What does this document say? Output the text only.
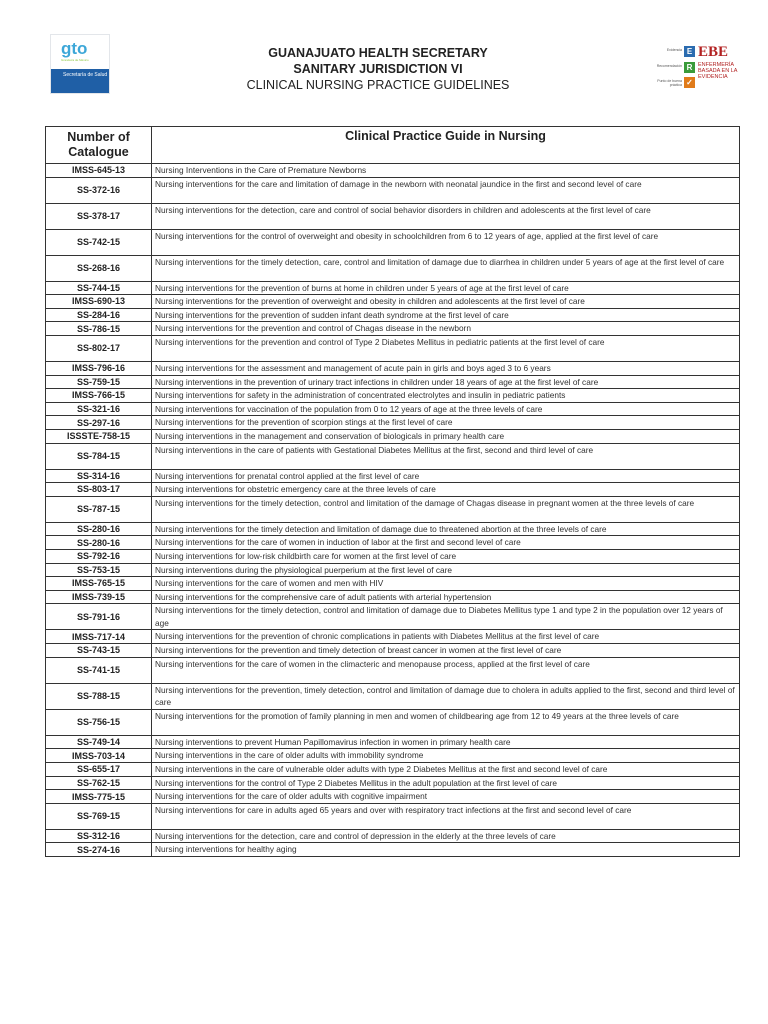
gto
Grandeza de México
Secretaría de Salud
GUANAJUATO HEALTH SECRETARY
SANITARY JURISDICTION VI
CLINICAL NURSING PRACTICE GUIDELINES
Evidencia
Recomendación
Punto de buena práctica
E
R
✓
EBE
ENFERMERÍA BASADA EN LA EVIDENCIA
Number of Catalogue	Clinical Practice Guide in Nursing
IMSS-645-13	Nursing Interventions in the Care of Premature Newborns
SS-372-16	Nursing interventions for the care and limitation of damage in the newborn with neonatal jaundice in the first and second level of care
SS-378-17	Nursing interventions for the detection, care and control of social behavior disorders in children and adolescents at the first level of care
SS-742-15	Nursing interventions for the control of overweight and obesity in schoolchildren from 6 to 12 years of age, applied at the first level of care
SS-268-16	Nursing interventions for the timely detection, care, control and limitation of damage due to diarrhea in children under 5 years of age at the first level of care
SS-744-15	Nursing interventions for the prevention of burns at home in children under 5 years of age at the first level of care
IMSS-690-13	Nursing interventions for the prevention of overweight and obesity in children and adolescents at the first level of care
SS-284-16	Nursing interventions for the prevention of sudden infant death syndrome at the first level of care
SS-786-15	Nursing interventions for the prevention and control of Chagas disease in the newborn
SS-802-17	Nursing interventions for the prevention and control of Type 2 Diabetes Mellitus in pediatric patients at the first level of care
IMSS-796-16	Nursing interventions for the assessment and management of acute pain in girls and boys aged 3 to 6 years
SS-759-15	Nursing interventions in the prevention of urinary tract infections in children under 18 years of age at the first level of care
IMSS-766-15	Nursing interventions for safety in the administration of concentrated electrolytes and insulin in pediatric patients
SS-321-16	Nursing interventions for vaccination of the population from 0 to 12 years of age at the three levels of care
SS-297-16	Nursing interventions for the prevention of scorpion stings at the first level of care
ISSSTE-758-15	Nursing interventions in the management and conservation of biologicals in primary health care
SS-784-15	Nursing interventions in the care of patients with Gestational Diabetes Mellitus at the first, second and third level of care
SS-314-16	Nursing interventions for prenatal control applied at the first level of care
SS-803-17	Nursing interventions for obstetric emergency care at the three levels of care
SS-787-15	Nursing interventions for the timely detection, control and limitation of the damage of Chagas disease in pregnant women at the three levels of care
SS-280-16	Nursing interventions for the timely detection and limitation of damage due to threatened abortion at the three levels of care
SS-280-16	Nursing interventions for the care of women in induction of labor at the first and second level of care
SS-792-16	Nursing interventions for low-risk childbirth care for women at the first level of care
SS-753-15	Nursing interventions during the physiological puerperium at the first level of care
IMSS-765-15	Nursing interventions for the care of women and men with HIV
IMSS-739-15	Nursing interventions for the comprehensive care of adult patients with arterial hypertension
SS-791-16	Nursing interventions for the timely detection, control and limitation of damage due to Diabetes Mellitus type 1 and type 2 in the population over 12 years of age
IMSS-717-14	Nursing interventions for the prevention of chronic complications in patients with Diabetes Mellitus at the first level of care
SS-743-15	Nursing interventions for the prevention and timely detection of breast cancer in women at the first level of care
SS-741-15	Nursing interventions for the care of women in the climacteric and menopause process, applied at the first level of care
SS-788-15	Nursing interventions for the prevention, timely detection, control and limitation of damage due to cholera in adults applied to the first, second and third level of care
SS-756-15	Nursing interventions for the promotion of family planning in men and women of childbearing age from 12 to 49 years at the three levels of care
SS-749-14	Nursing interventions to prevent Human Papillomavirus infection in women in primary health care
IMSS-703-14	Nursing interventions in the care of older adults with immobility syndrome
SS-655-17	Nursing interventions in the care of vulnerable older adults with type 2 Diabetes Mellitus at the first and second level of care
SS-762-15	Nursing interventions for the control of Type 2 Diabetes Mellitus in the adult population at the first level of care
IMSS-775-15	Nursing interventions for the care of older adults with cognitive impairment
SS-769-15	Nursing interventions for care in adults aged 65 years and over with respiratory tract infections at the first and second level of care
SS-312-16	Nursing interventions for the detection, care and control of depression in the elderly at the three levels of care
SS-274-16	Nursing interventions for healthy aging
